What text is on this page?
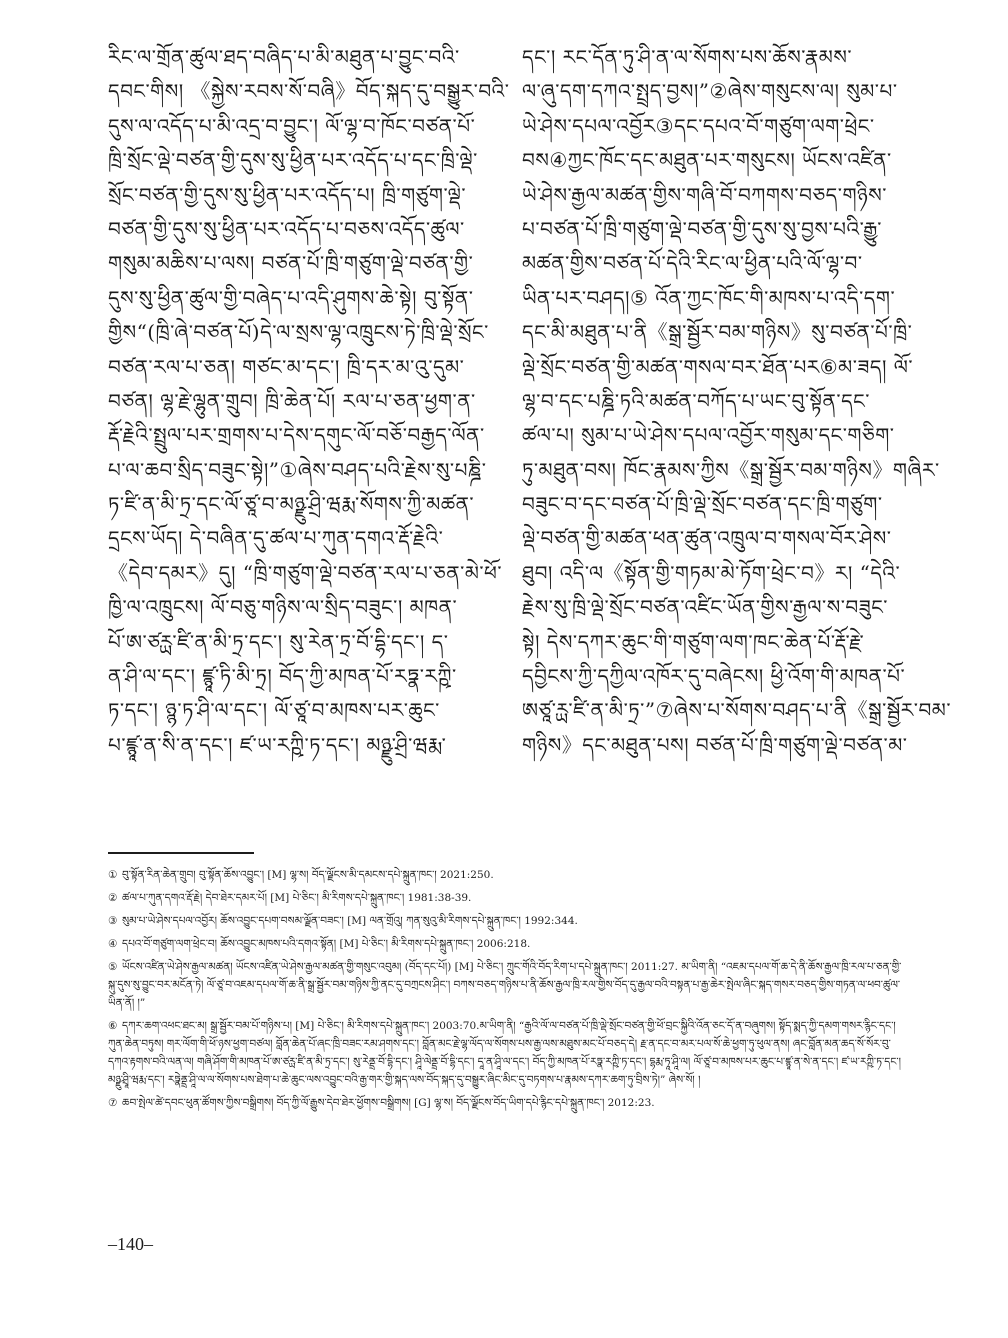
རིང་ལ་གྲོན་ཚུལ་ཐད་བཞིད་པ་མི་མཐུན་པ་བྱུང་བའི་
དབང་གིས། 《སྐྱེས་རབས་སོ་བཞི》བོད་སྐད་དུ་བསྒྱུར་བའི་
དུས་ལ་འདོད་པ་མི་འདྲ་བ་བྱུང་། ལོ་ལྷ་བ་ཁོང་བཙན་པོ་
ཁྲི་སྲོང་ལྡེ་བཙན་གྱི་དུས་སུ་ཕྱིན་པར་འདོད་པ་དང་ཁྲི་ལྡེ་
སྲོང་བཙན་གྱི་དུས་སུ་ཕྱིན་པར་འདོད་པ། ཁྲི་གཙུག་ལྡེ་
བཙན་གྱི་དུས་སུ་ཕྱིན་པར་འདོད་པ་བཅས་འདོད་ཚུལ་
གསུམ་མཆིས་པ་ལས། བཙན་པོ་ཁྲི་གཙུག་ལྡེ་བཙན་གྱི་
དུས་སུ་ཕྱིན་ཚུལ་གྱི་བཞེད་པ་འདི་ཤུགས་ཆེ་སྟེ། བུ་སྟོན་
གྱིས“(ཁྲི་ཞེ་བཙན་པོ)དེ་ལ་སྲས་ལྷ་འཁྲུངས་ཏེ་ཁྲི་ལྡེ་སྲོང་
བཙན་རལ་པ་ཅན། གཙང་མ་དང་། ཁྲི་དར་མ་འུ་དུམ་
བཙན། ལྷ་རྗེ་ལྷུན་གྲུབ། ཁྲི་ཆེན་པོ། རལ་པ་ཅན་ཕྱག་ན་
རྡོ་རྗེའི་སྤྲུལ་པར་གྲགས་པ་དེས་དགུང་ལོ་བཅོ་བརྒྱད་ལོན་
པ་ལ་ཆབ་སྲིད་བཟུང་སྟེ།”①ཞེས་བཤད་པའི་རྗེས་སུ་པཎྜི་
ཏ་ཛི་ན་མི་ཏྲ་དང་ལོ་ཙཱ་བ་མཉྫུ་ཤྲི་ཝརྨ་སོགས་ཀྱི་མཚན་
དྲངས་ཡོད། དེ་བཞིན་དུ་ཚལ་པ་ཀུན་དགའ་རྡོ་རྗེའི་
《དེབ་དམར》དུ། “ཁྲི་གཙུག་ལྡེ་བཙན་རལ་པ་ཅན་མེ་ཕོ་
ཁྱི་ལ་འཁྲུངས། ལོ་བཅུ་གཉིས་ལ་སྲིད་བཟུང་། མཁན་
པོ་ཨ་ཙཪྻ་ཛི་ན་མི་ཏྲ་དང་། སུ་རེན་ཏྲ་བོ་དྷི་དང་། ད་
ན་ཤི་ལ་དང་། ཛྙཱ་ཏི་མི་ཏྲ། བོད་ཀྱི་མཁན་པོ་རཏྣ་རཀྵི་
ཏ་དང་། ཉྙ་ཏ་ཤི་ལ་དང་། ལོ་ཙཱ་བ་མཁས་པར་ཆུང་
པ་ཛྙཱ་ན་སི་ན་དང་། ཛ་ཡ་རཀྵི་ཏ་དང་། མཉྫུ་ཤྲི་ཝརྨ་
དང་། རང་དོན་ཏུ་ཤི་ན་ལ་སོགས་པས་ཆོས་རྣམས་
ལ་ཞུ་དག་དཀའ་སྤྲད་བྱས།”②ཞེས་གསུངས་ལ། སུམ་པ་
ཡེ་ཤེས་དཔལ་འབྱོར③དང་དཔའ་བོ་གཙུག་ལག་ཕྲེང་
བས④ཀྱང་ཁོང་དང་མཐུན་པར་གསུངས། ཡོངས་འཛིན་
ཡེ་ཤེས་རྒྱལ་མཚན་གྱིས་གཞི་བོ་བཀགས་བཅད་གཉིས་
པ་བཙན་པོ་ཁྲི་གཙུག་ལྡེ་བཙན་གྱི་དུས་སུ་བྱས་པའི་རྒྱུ་
མཚན་གྱིས་བཙན་པོ་དེའི་རིང་ལ་ཕྱིན་པའི་ལོ་ལྷ་བ་
ཡིན་པར་བཤད།⑤ འོན་ཀྱང་ཁོང་གི་མཁས་པ་འདི་དག་
དང་མི་མཐུན་པ་ནི《སྒྲ་སྦྱོར་བམ་གཉིས》སུ་བཙན་པོ་ཁྲི་
ལྡེ་སྲོང་བཙན་གྱི་མཚན་གསལ་བར་ཐོན་པར⑥མ་ཟད། ལོ་
ལྷ་བ་དང་པཎྜི་ཏའི་མཚན་བཀོད་པ་ཡང་བུ་སྟོན་དང་
ཚལ་པ། སུམ་པ་ཡེ་ཤེས་དཔལ་འབྱོར་གསུམ་དང་གཅིག་
ཏུ་མཐུན་བས། ཁོང་རྣམས་ཀྱིས《སྒྲ་སྦྱོར་བམ་གཉིས》གཞིར་
བཟུང་བ་དང་བཙན་པོ་ཁྲི་ལྡེ་སྲོང་བཙན་དང་ཁྲི་གཙུག་
ལྡེ་བཙན་གྱི་མཚན་ཕན་ཚུན་འཁྲུལ་བ་གསལ་བོར་ཤེས་
ཐུབ། འདི་ལ《སྟོན་གྱི་གཏམ་མེ་ཏོག་ཕྲེང་བ》ར། “དེའི་
རྗེས་སུ་ཁྲི་ལྡེ་སྲོང་བཙན་འཛིང་ཡོན་གྱིས་རྒྱལ་ས་བཟུང་
སྟེ། དེས་དཀར་ཆུང་གི་གཙུག་ལག་ཁང་ཆེན་པོ་རྡོ་རྗེ་
དབྱིངས་ཀྱི་དཀྱིལ་འཁོར་དུ་བཞེངས། ཕྱི་འོག་གི་མཁན་པོ་
ཨཙཱ་ཪྻ་ཛི་ན་མི་ཏྲ་”⑦ཞེས་པ་སོགས་བཤད་པ་ནི《སྒྲ་སྦྱོར་བམ་
གཉིས》དང་མཐུན་པས། བཙན་པོ་ཁྲི་གཙུག་ལྡེ་བཙན་མ་
① བུ་སྟོན་རིན་ཆེན་གྲུབ། བུ་སྟོན་ཆོས་འབྱུང་། [M] ལྷ་ས། བོད་ལྗོངས་མི་དམངས་དཔེ་སྐྲུན་ཁང་། 2021:250.
② ཚལ་པ་ཀུན་དགའ་རྡོ་རྗེ། དེབ་ཐེར་དམར་པོ། [M] པེ་ཅིང་། མི་རིགས་དཔེ་སྐྲུན་ཁང་། 1981:38-39.
③ སུམ་པ་ཡེ་ཤེས་དཔལ་འབྱོར། ཆོས་འབྱུང་དཔག་བསམ་ལྗོན་བཟང་། [M] ལན་གྲོའུ། ཀན་སུའུ་མི་རིགས་དཔེ་སྐྲུན་ཁང་། 1992:344.
④ དཔའ་བོ་གཙུག་ལག་ཕྲེང་བ། ཆོས་འབྱུང་མཁས་པའི་དགའ་སྟོན། [M] པེ་ཅིང་། མི་རིགས་དཔེ་སྐྲུན་ཁང་། 2006:218.
⑤ ཡོངས་འཛིན་ཡེ་ཤེས་རྒྱལ་མཚན། ཡོངས་འཛིན་ཡེ་ཤེས་རྒྱལ་མཚན་གྱི་གསུང་འབུམ། (བོད་དང་པོ།) [M] པེ་ཅིང་། ཀྲུང་གོའི་བོད་རིག་པ་དཔེ་སྐྲུན་ཁང་། 2011:27. མ་ཡིག་ནི། “འཇམ་དཔལ་གོ་ཆ་དེ་ནི་ཆོས་རྒྱལ་ཁྲི་རལ་པ་ཅན་གྱི་སྐུ་དུས་སུ་བྱུང་བར་མངོན་ཏེ། ལོ་ཙཱ་བ་འཇམ་དཔལ་གོ་ཆ་ནི་སྒྲ་སྦྱོར་བམ་གཉིས་ཀྱི་ནང་དུ་བཀྲངས་ཤིང་། བཀས་བཅད་གཉིས་པ་ནི་ཆོས་རྒྱལ་ཁྲི་རལ་གྱིས་བོད་དུ་རྒྱལ་བའི་བསྟན་པ་རྒྱ་ཆེར་སྤེལ་ཞིང་སྐད་གསར་བཅད་གྱིས་གཏན་ལ་ཕབ་ཚུལ་ཡིན་ནོ། །”
⑥ དཀར་ཆག་འཕང་ཐང་མ། སྒྲ་སྦྱོར་བམ་པོ་གཉིས་པ། [M] པེ་ཅིང་། མི་རིགས་དཔེ་སྐྲུན་ཁང་། 2003:70.མ་ཡིག་ནི། “རྒྱའི་ལོ་ལ་བཙན་པོ་ཁྲི་ལྡེ་སྲོང་བཙན་གྱི་ཕོ་བྲང་སྐྱིའི་འོན་ཅང་དོ་ན་བཞུགས། སྟོད་སྨད་ཀྱི་དམག་གསར་རྙིང་དང་། ཀུན་ཆེན་བཏུས། གར་ལོག་གི་ཕོ་ཉས་ཕྱག་བཙལ། བློན་ཆེན་པོ་ཞང་ཁྲི་བཟང་རམ་ཤགས་དང་། བློན་མང་རྗེ་ལྷ་ལོད་ལ་སོགས་པས་རྒྱ་ལས་མཐུས་མང་པོ་བཅད་དེ། རྗ་ན་དང་བ་མར་པལ་སོ་ཆེ་ཕྱག་ཏུ་ཕུལ་ནས། ཞང་བློན་མན་ཆད་སོ་སོར་བུ་དཀའ་རྟགས་བའི་ལན་ལ། གཞི་ཤོག་གི་མཁན་པོ་ཨ་ཙཪྻ་ཛི་ན་མི་ཏྲ་དང་། སུ་རེནྡྲ་བོ་དྷི་དང་། ཤཱི་ལེནྡྲ་བོ་དྷི་དང་། དཱ་ན་ཤཱི་ལ་དང་། བོད་ཀྱི་མཁན་པོ་རཏྣ་རཀྵི་ཏ་དང་། དྷརྨ་ཏཱ་ཤཱི་ལ། ལོ་ཙཱ་བ་མཁས་པར་ཆུང་པ་ཛྙཱ་ན་སེ་ན་དང་། ཛ་ཡ་རཀྵི་ཏ་དང་། མཉྫུ་ཤྲཱི་ཝརྨ་དང་། རཏྣེནྡྲ་ཤཱི་ལ་ལ་སོགས་པས་ཐེག་པ་ཆེ་ཆུང་ལས་འབྱུང་བའི་རྒྱ་གར་གྱི་སྐད་ལས་བོད་སྐད་དུ་བསྒྱུར་ཞིང་མིང་དུ་བཏགས་པ་རྣམས་དཀར་ཆག་ཏུ་བྲིས་ཏེ།” ཞེས་སོ། །
⑦ ཆབ་སྤེལ་ཚེ་དབང་ཕུན་ཚོགས་ཀྱིས་བསྒྲིགས། བོད་ཀྱི་ལོ་རྒྱུས་དེབ་ཐེར་ཕྱོགས་བསྒྲིགས། [G] ལྷ་ས། བོད་ལྗོངས་བོད་ཡིག་དཔེ་རྙིང་དཔེ་སྐྲུན་ཁང་། 2012:23.
–140–
